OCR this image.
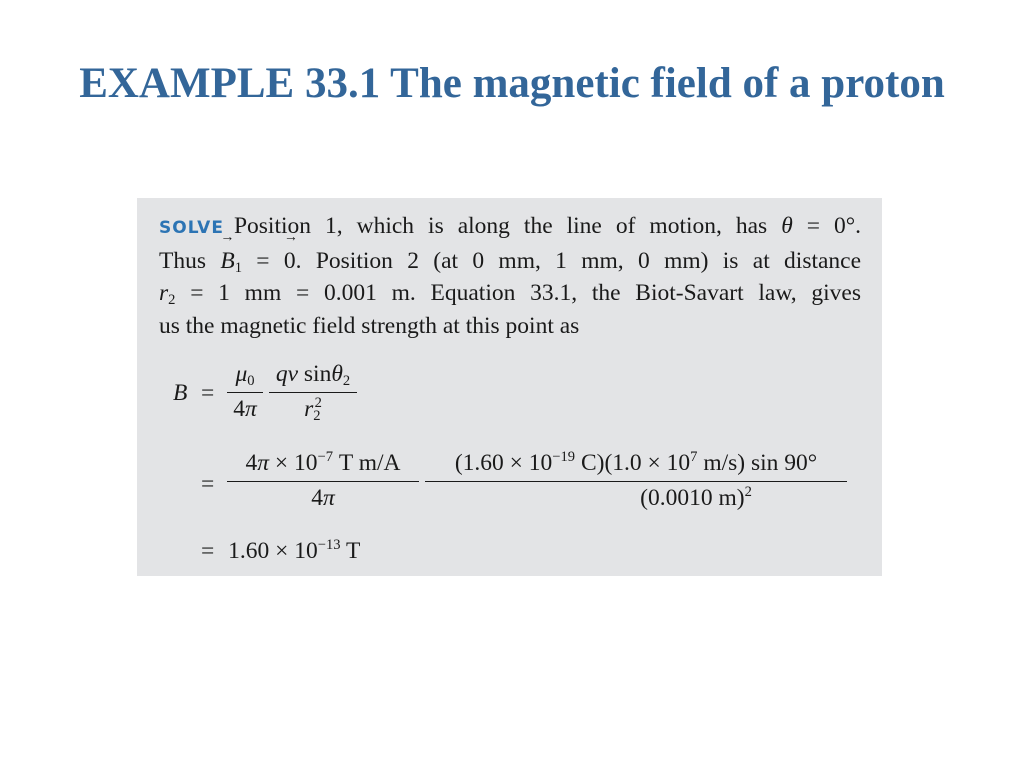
EXAMPLE 33.1 The magnetic field of a proton
SOLVE Position 1, which is along the line of motion, has θ = 0°.
Thus → $B_1$ = → 0. Position 2 (at 0 mm, 1 mm, 0 mm) is at distance
$r_2 = 1$ mm = 0.001 m. Equation 33.1, the Biot-Savart law, gives
us the magnetic field strength at this point as
$B = \frac{\mu_0}{4\pi} \frac{qv \sin\theta_2}{r_2^2}$
= $\frac{4\pi \times 10^{-7} T m/A}{4\pi} \frac{(1.60 \times 10^{-19} C)(1.0 \times 10^7 m/s) \sin 90^\circ}{(0.0010 m)^2}$
= $1.60 \times 10^{-13}$ T
